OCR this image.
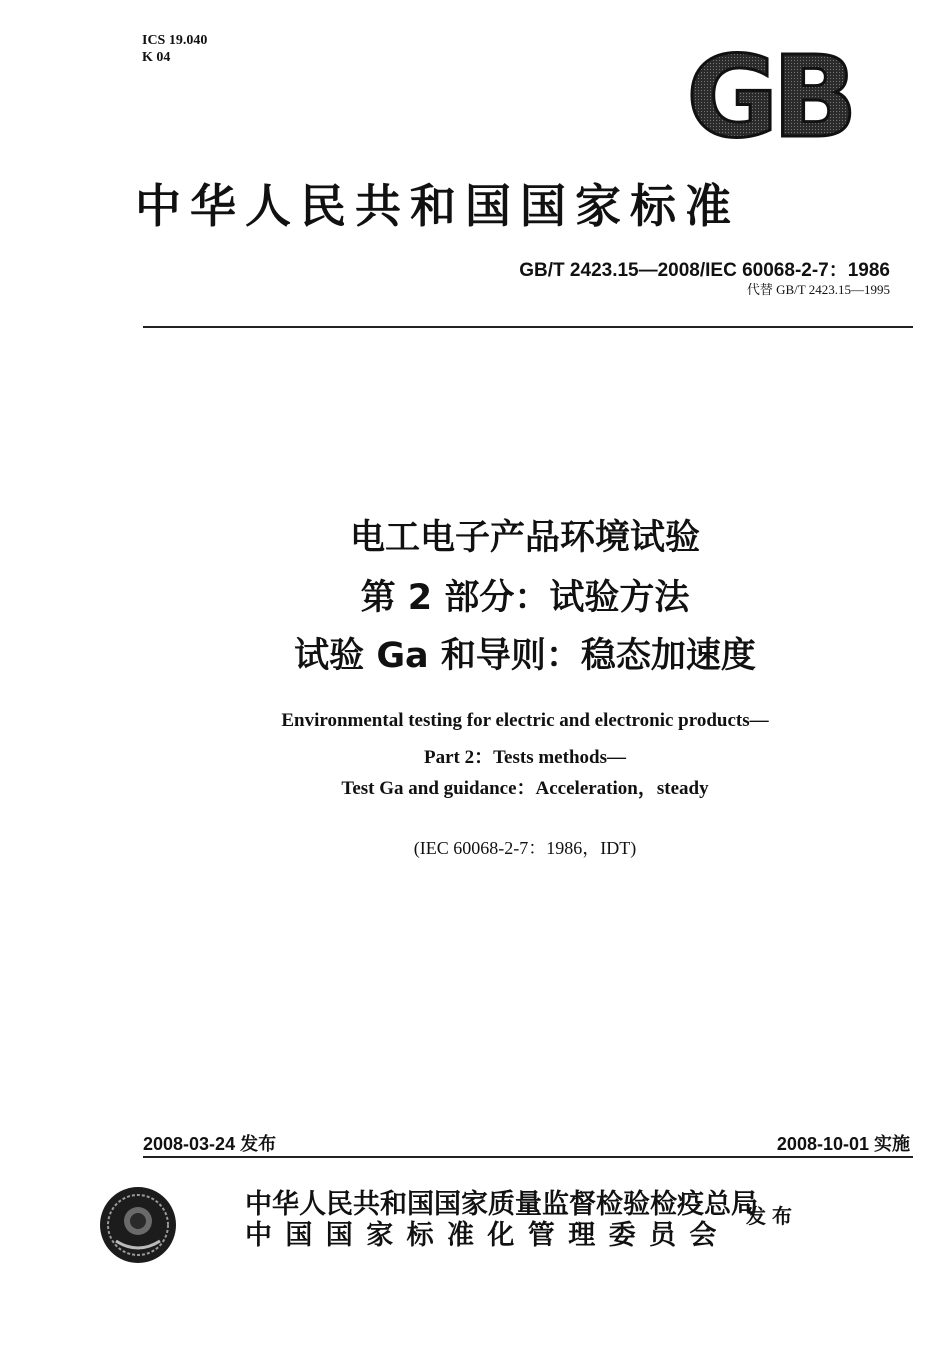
ICS 19.040
K 04	GB
中华人民共和国国家标准
GB/T 2423.15—2008/IEC 60068-2-7：1986
代替 GB/T 2423.15—1995
电工电子产品环境试验
第 2 部分：试验方法
试验 Ga 和导则：稳态加速度
Environmental testing for electric and electronic products—
Part 2：Tests methods—
Test Ga and guidance：Acceleration，steady
(IEC 60068-2-7：1986，IDT)
2008-03-24 发布	2008-10-01 实施
中华人民共和国国家质量监督检验检疫总局
中 国 国 家 标 准 化 管 理 委 员 会
发布
